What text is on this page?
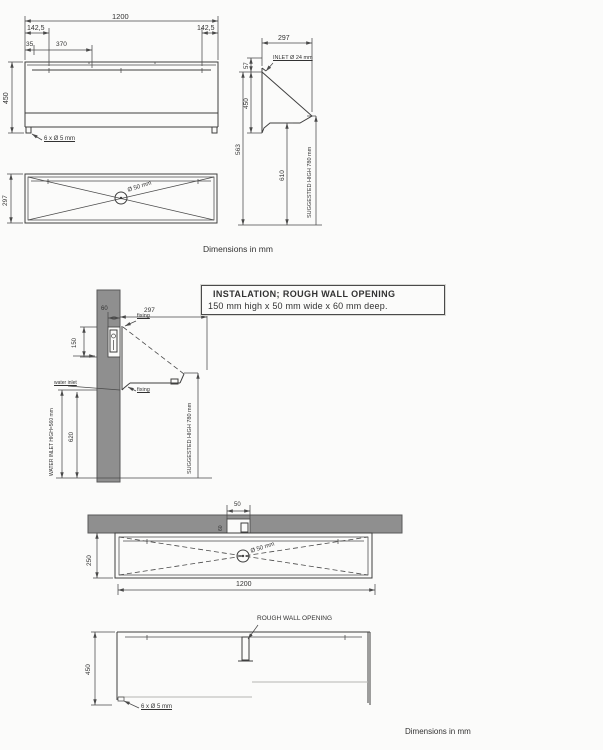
1200
142,5	142,5
35	370
450
6 x Ø 5 mm
297
INLET Ø 24 mm
57
450
563
610	SUGGESTED HIGH 780 mm
297
Ø 50 mm
Dimensions in mm
INSTALATION; ROUGH WALL OPENING
150 mm high x 50 mm wide x 60 mm deep.
60	297
fixing
fixing
150
water inlet
WATER INLET HIGH=560 mm 620	SUGGESTED HIGH 780 mm
50
60
Ø 50 mm
250
1200
ROUGH WALL OPENING
450
6 x Ø 5 mm
Dimensions in mm
